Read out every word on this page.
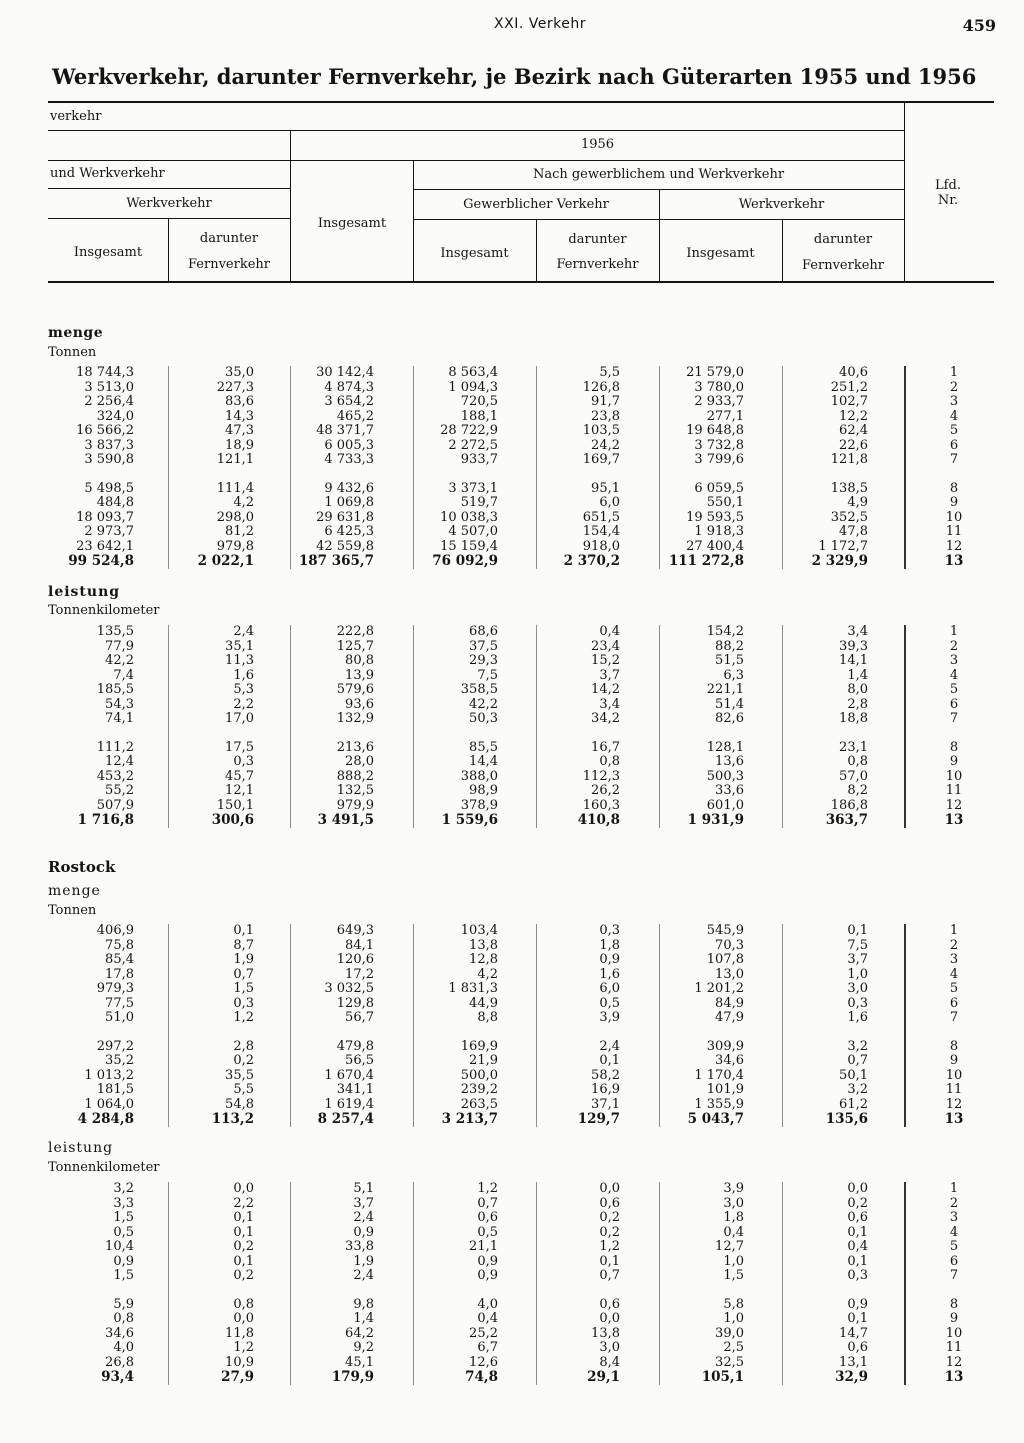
XXI. Verkehr	459
Werkverkehr, darunter Fernverkehr, je Bezirk nach Güterarten 1955 und 1956
verkehr
1956
und Werkverkehr
Werkverkehr
Insgesamt
darunter
Fernverkehr
Insgesamt
Nach gewerblichem und Werkverkehr
Gewerblicher Verkehr	Werkverkehr
Insgesamt
darunter
Fernverkehr
Insgesamt
darunter
Fernverkehr
Lfd.
Nr.
menge
Tonnen
leistung
Tonnenkilometer
Rostock
menge
Tonnen
leistung
Tonnenkilometer
18 744,3	35,0	30 142,4	8 563,4	5,5	21 579,0	40,6	1
3 513,0	227,3	4 874,3	1 094,3	126,8	3 780,0	251,2	2
2 256,4	83,6	3 654,2	720,5	91,7	2 933,7	102,7	3
324,0	14,3	465,2	188,1	23,8	277,1	12,2	4
16 566,2	47,3	48 371,7	28 722,9	103,5	19 648,8	62,4	5
3 837,3	18,9	6 005,3	2 272,5	24,2	3 732,8	22,6	6
3 590,8	121,1	4 733,3	933,7	169,7	3 799,6	121,8	7
5 498,5	111,4	9 432,6	3 373,1	95,1	6 059,5	138,5	8
484,8	4,2	1 069,8	519,7	6,0	550,1	4,9	9
18 093,7	298,0	29 631,8	10 038,3	651,5	19 593,5	352,5	10
2 973,7	81,2	6 425,3	4 507,0	154,4	1 918,3	47,8	11
23 642,1	979,8	42 559,8	15 159,4	918,0	27 400,4	1 172,7	12
99 524,8	2 022,1	187 365,7	76 092,9	2 370,2	111 272,8	2 329,9	13
135,5	2,4	222,8	68,6	0,4	154,2	3,4	1
77,9	35,1	125,7	37,5	23,4	88,2	39,3	2
42,2	11,3	80,8	29,3	15,2	51,5	14,1	3
7,4	1,6	13,9	7,5	3,7	6,3	1,4	4
185,5	5,3	579,6	358,5	14,2	221,1	8,0	5
54,3	2,2	93,6	42,2	3,4	51,4	2,8	6
74,1	17,0	132,9	50,3	34,2	82,6	18,8	7
111,2	17,5	213,6	85,5	16,7	128,1	23,1	8
12,4	0,3	28,0	14,4	0,8	13,6	0,8	9
453,2	45,7	888,2	388,0	112,3	500,3	57,0	10
55,2	12,1	132,5	98,9	26,2	33,6	8,2	11
507,9	150,1	979,9	378,9	160,3	601,0	186,8	12
1 716,8	300,6	3 491,5	1 559,6	410,8	1 931,9	363,7	13
406,9	0,1	649,3	103,4	0,3	545,9	0,1	1
75,8	8,7	84,1	13,8	1,8	70,3	7,5	2
85,4	1,9	120,6	12,8	0,9	107,8	3,7	3
17,8	0,7	17,2	4,2	1,6	13,0	1,0	4
979,3	1,5	3 032,5	1 831,3	6,0	1 201,2	3,0	5
77,5	0,3	129,8	44,9	0,5	84,9	0,3	6
51,0	1,2	56,7	8,8	3,9	47,9	1,6	7
297,2	2,8	479,8	169,9	2,4	309,9	3,2	8
35,2	0,2	56,5	21,9	0,1	34,6	0,7	9
1 013,2	35,5	1 670,4	500,0	58,2	1 170,4	50,1	10
181,5	5,5	341,1	239,2	16,9	101,9	3,2	11
1 064,0	54,8	1 619,4	263,5	37,1	1 355,9	61,2	12
4 284,8	113,2	8 257,4	3 213,7	129,7	5 043,7	135,6	13
3,2	0,0	5,1	1,2	0,0	3,9	0,0	1
3,3	2,2	3,7	0,7	0,6	3,0	0,2	2
1,5	0,1	2,4	0,6	0,2	1,8	0,6	3
0,5	0,1	0,9	0,5	0,2	0,4	0,1	4
10,4	0,2	33,8	21,1	1,2	12,7	0,4	5
0,9	0,1	1,9	0,9	0,1	1,0	0,1	6
1,5	0,2	2,4	0,9	0,7	1,5	0,3	7
5,9	0,8	9,8	4,0	0,6	5,8	0,9	8
0,8	0,0	1,4	0,4	0,0	1,0	0,1	9
34,6	11,8	64,2	25,2	13,8	39,0	14,7	10
4,0	1,2	9,2	6,7	3,0	2,5	0,6	11
26,8	10,9	45,1	12,6	8,4	32,5	13,1	12
93,4	27,9	179,9	74,8	29,1	105,1	32,9	13
